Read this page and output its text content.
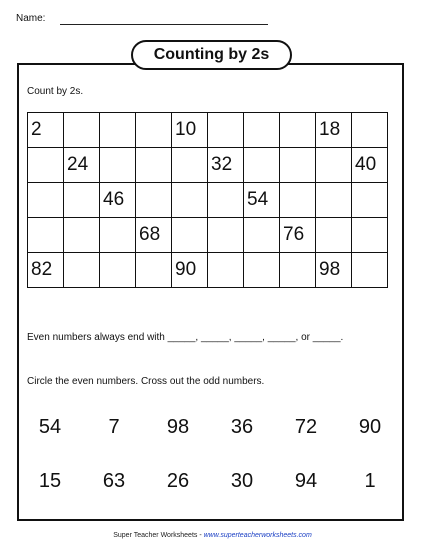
Name:
Counting by 2s
Count by 2s.
2				10				18	
	24				32				40
		46				54			
			68				76		
82				90				98	
Even numbers always end with _____, _____, _____, _____, or _____.
Circle the even numbers. Cross out the odd numbers.
54	7	98	36	72	90
15	63	26	30	94	1
Super Teacher Worksheets - www.superteacherworksheets.com
